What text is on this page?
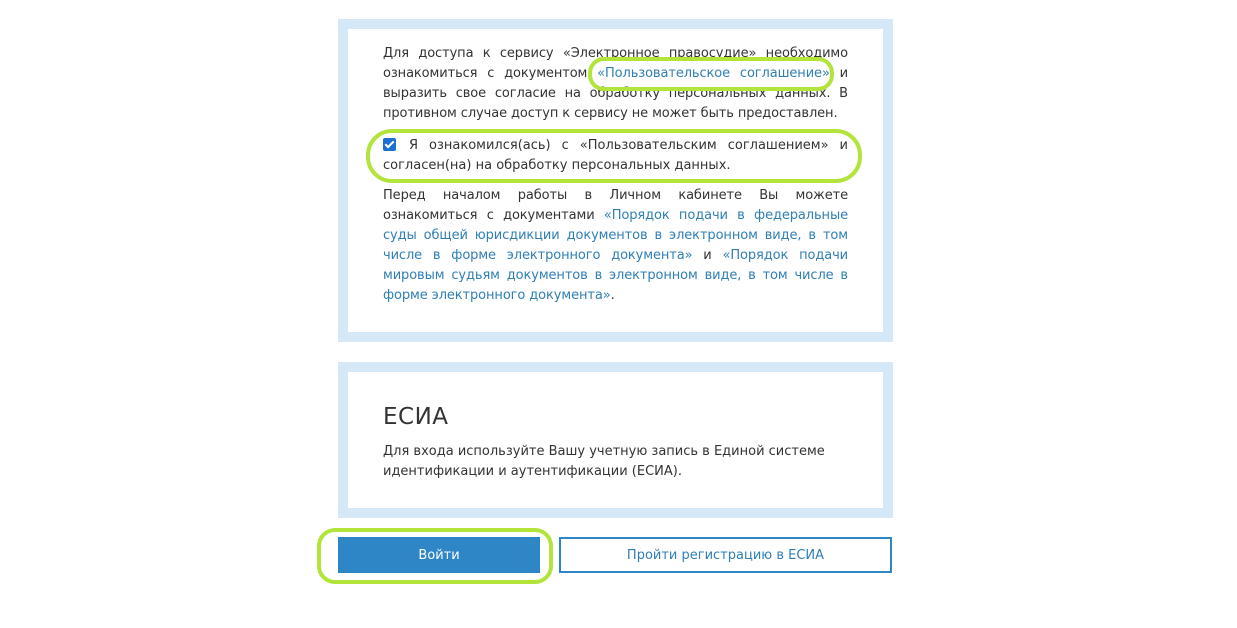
Для доступа к сервису «Электронное правосудие» необходимо ознакомиться с документом «Пользовательское соглашение» и выразить свое согласие на обработку персональных данных. В противном случае доступ к сервису не может быть предоставлен.
Я ознакомился(ась) с «Пользовательским соглашением» и согласен(на) на обработку персональных данных.
Перед началом работы в Личном кабинете Вы можете ознакомиться с документами «Порядок подачи в федеральные суды общей юрисдикции документов в электронном виде, в том числе в форме электронного документа» и «Порядок подачи мировым судьям документов в электронном виде, в том числе в форме электронного документа».
ЕСИА
Для входа используйте Вашу учетную запись в Единой системе идентификации и аутентификации (ЕСИА).
Войти	Пройти регистрацию в ЕСИА
